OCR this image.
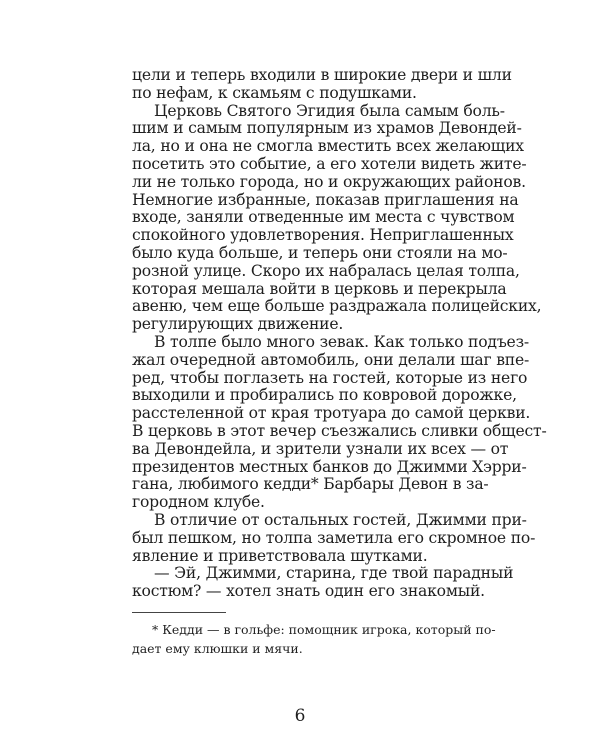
цели и теперь входили в широкие двери и шли
по нефам, к скамьям с подушками.
Церковь Святого Эгидия была самым боль-
шим и самым популярным из храмов Девондей-
ла, но и она не смогла вместить всех желающих
посетить это событие, а его хотели видеть жите-
ли не только города, но и окружающих районов.
Немногие избранные, показав приглашения на
входе, заняли отведенные им места с чувством
спокойного удовлетворения. Неприглашенных
было куда больше, и теперь они стояли на мо-
розной улице. Скоро их набралась целая толпа,
которая мешала войти в церковь и перекрыла
авеню, чем еще больше раздражала полицейских,
регулирующих движение.
В толпе было много зевак. Как только подъез-
жал очередной автомобиль, они делали шаг впе-
ред, чтобы поглазеть на гостей, которые из него
выходили и пробирались по ковровой дорожке,
расстеленной от края тротуара до самой церкви.
В церковь в этот вечер съезжались сливки общест-
ва Девондейла, и зрители узнали их всех — от
президентов местных банков до Джимми Хэрри-
гана, любимого кедди* Барбары Девон в за-
городном клубе.
В отличие от остальных гостей, Джимми при-
был пешком, но толпа заметила его скромное по-
явление и приветствовала шутками.
— Эй, Джимми, старина, где твой парадный
костюм? — хотел знать один его знакомый.
* Кедди — в гольфе: помощник игрока, который по-
дает ему клюшки и мячи.
6
